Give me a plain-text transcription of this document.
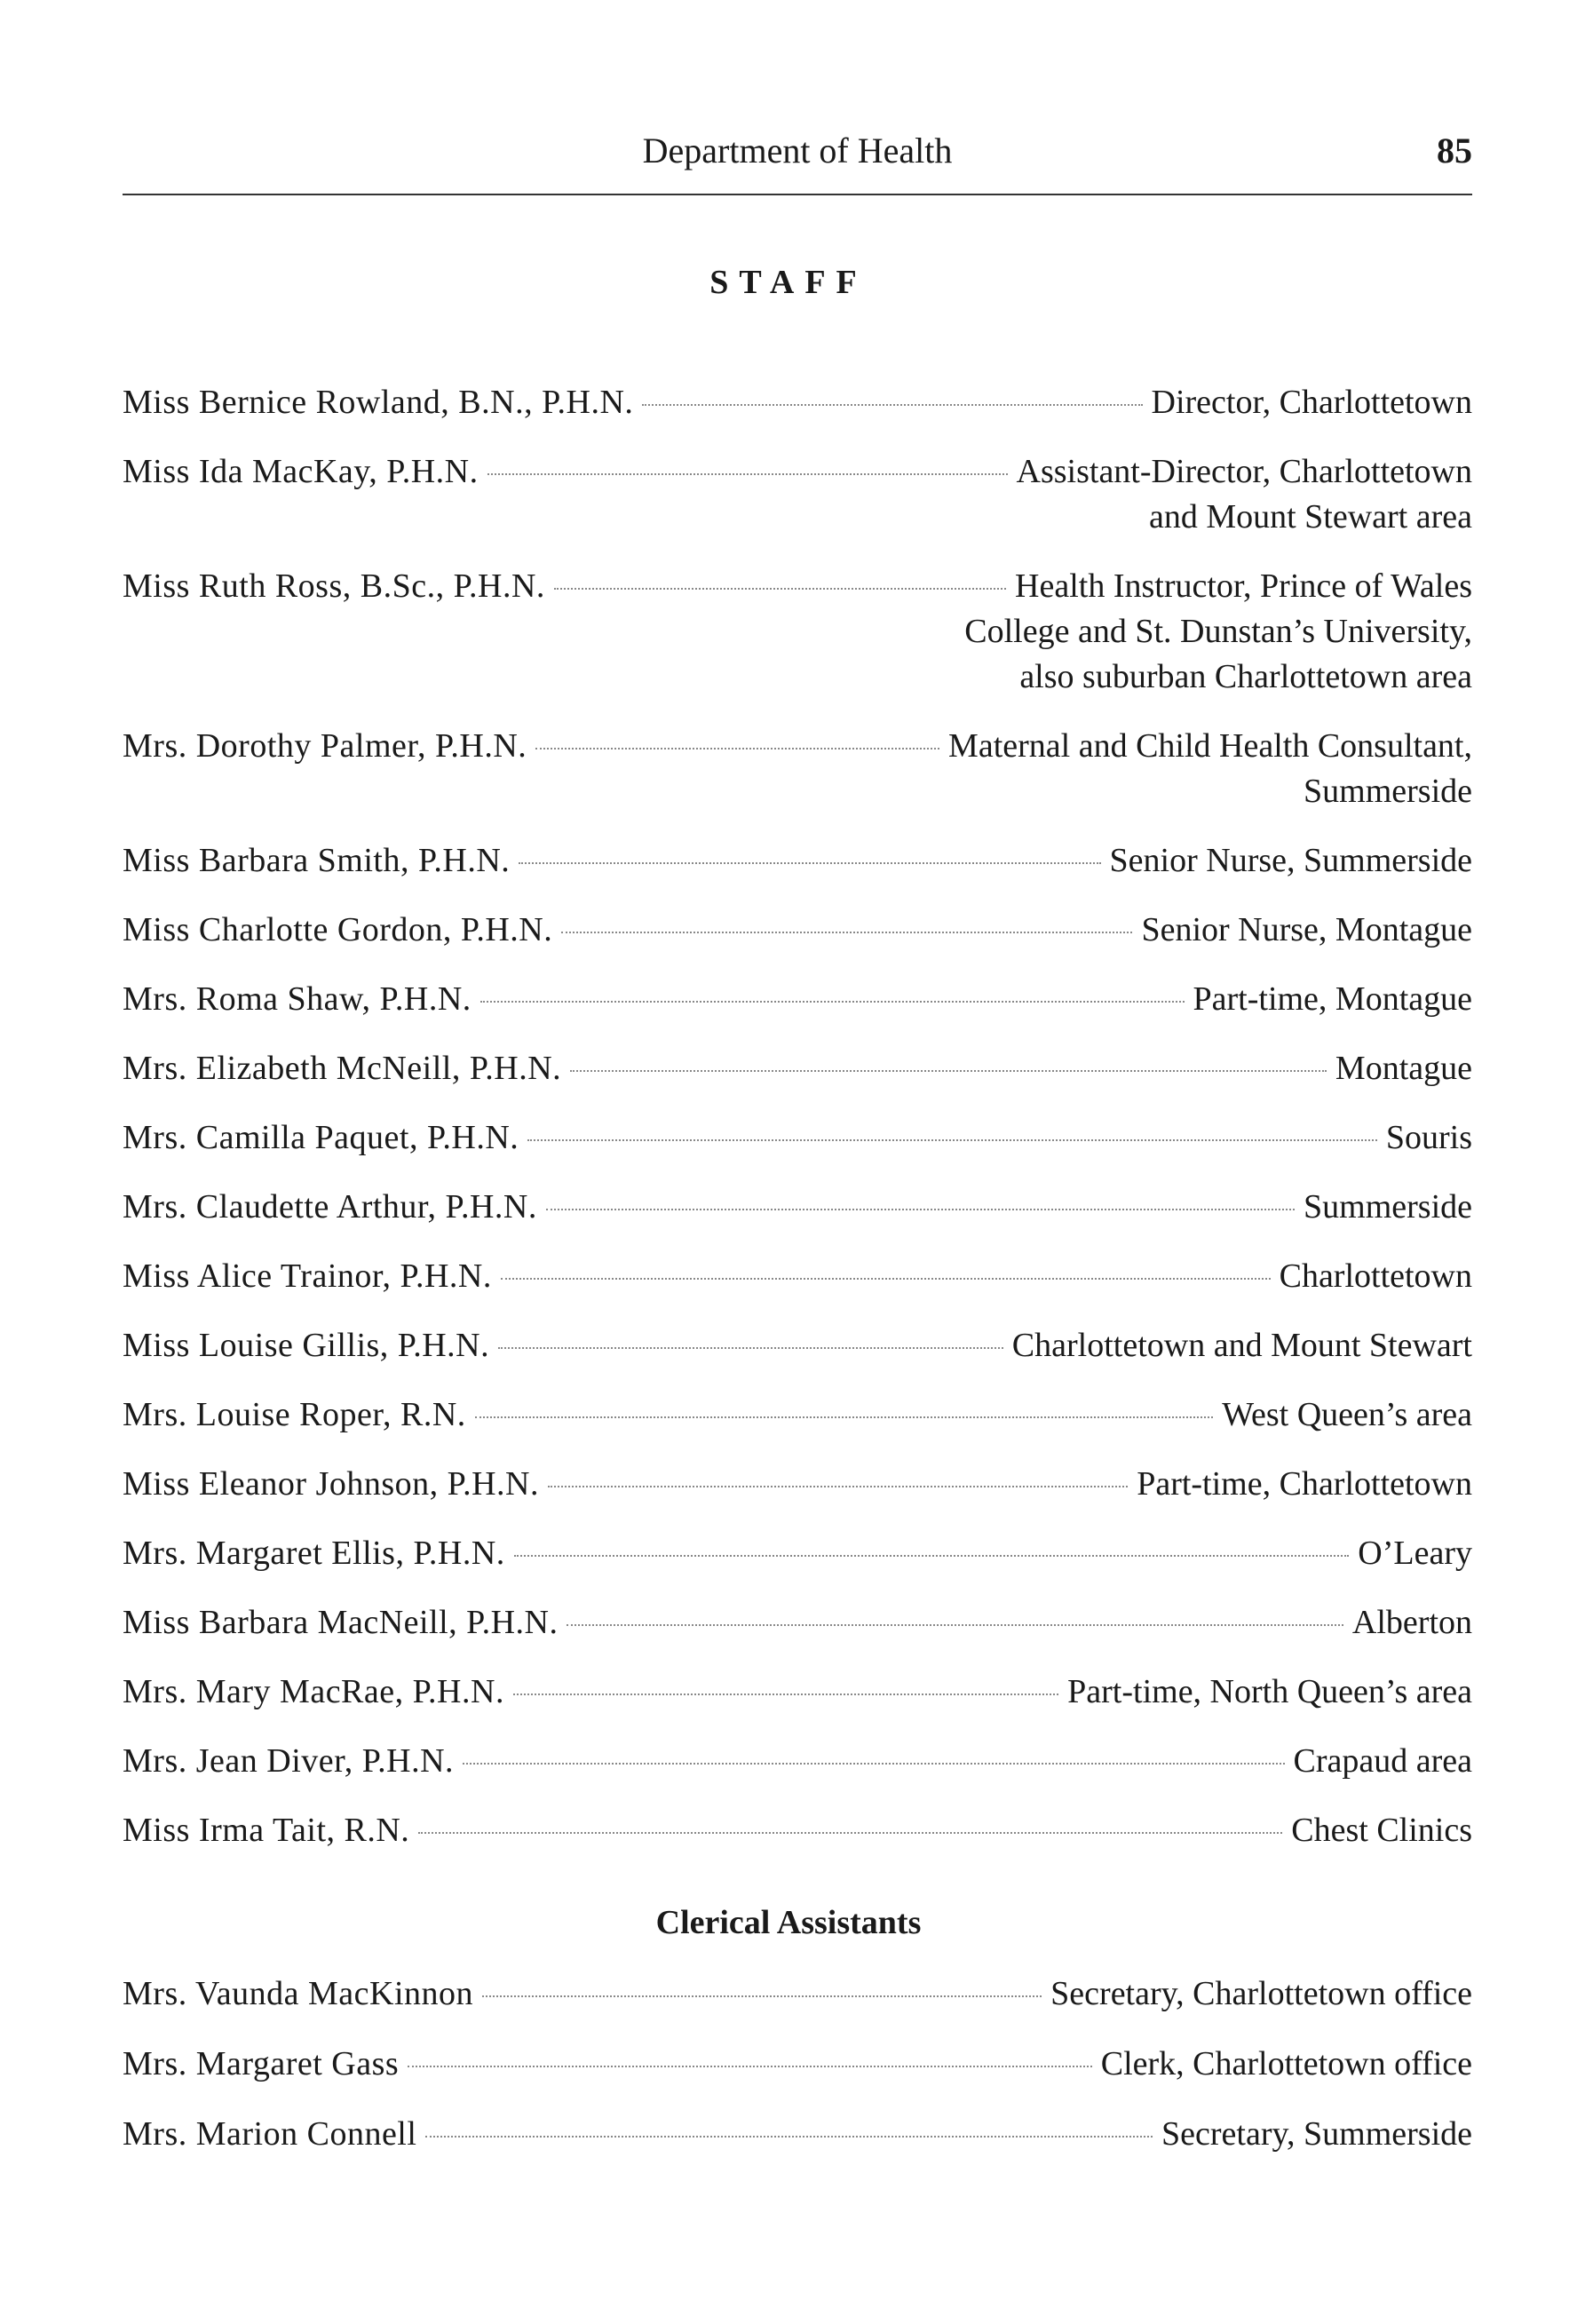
Department of Health	85
STAFF
Miss Bernice Rowland, B.N., P.H.N.	Director, Charlottetown
Miss Ida MacKay, P.H.N.	Assistant-Director, Charlottetown
and Mount Stewart area
Miss Ruth Ross, B.Sc., P.H.N.	Health Instructor, Prince of Wales
College and St. Dunstan’s University,
also suburban Charlottetown area
Mrs. Dorothy Palmer, P.H.N.	Maternal and Child Health Consultant,
Summerside
Miss Barbara Smith, P.H.N.	Senior Nurse, Summerside
Miss Charlotte Gordon, P.H.N.	Senior Nurse, Montague
Mrs. Roma Shaw, P.H.N.	Part-time, Montague
Mrs. Elizabeth McNeill, P.H.N.	Montague
Mrs. Camilla Paquet, P.H.N.	Souris
Mrs. Claudette Arthur, P.H.N.	Summerside
Miss Alice Trainor, P.H.N.	Charlottetown
Miss Louise Gillis, P.H.N.	Charlottetown and Mount Stewart
Mrs. Louise Roper, R.N.	West Queen’s area
Miss Eleanor Johnson, P.H.N.	Part-time, Charlottetown
Mrs. Margaret Ellis, P.H.N.	O’Leary
Miss Barbara MacNeill, P.H.N.	Alberton
Mrs. Mary MacRae, P.H.N.	Part-time, North Queen’s area
Mrs. Jean Diver, P.H.N.	Crapaud area
Miss Irma Tait, R.N.	Chest Clinics
Clerical Assistants
Mrs. Vaunda MacKinnon	Secretary, Charlottetown office
Mrs. Margaret Gass	Clerk, Charlottetown office
Mrs. Marion Connell	Secretary, Summerside
